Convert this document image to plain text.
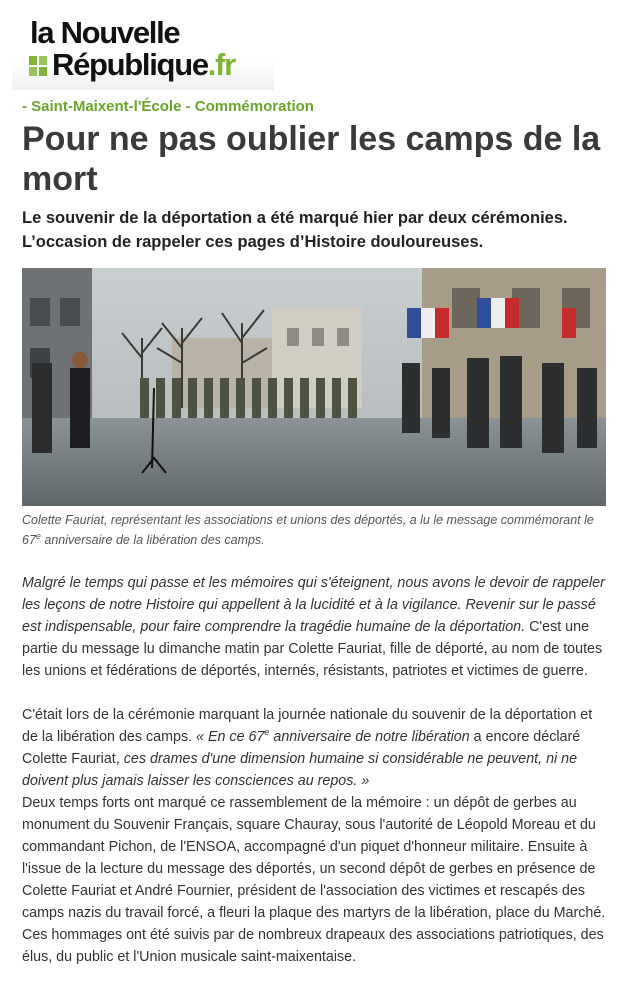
la Nouvelle
République.fr
- Saint-Maixent-l'École - Commémoration
Pour ne pas oublier les camps de la mort
Le souvenir de la déportation a été marqué hier par deux cérémonies. L’occasion de rappeler ces pages d’Histoire douloureuses.
Colette Fauriat, représentant les associations et unions des déportés, a lu le message commémorant le 67e anniversaire de la libération des camps.

Malgré le temps qui passe et les mémoires qui s'éteignent, nous avons le devoir de rappeler les leçons de notre Histoire qui appellent à la lucidité et à la vigilance. Revenir sur le passé est indispensable, pour faire comprendre la tragédie humaine de la déportation. C'est une partie du message lu dimanche matin par Colette Fauriat, fille de déporté, au nom de toutes les unions et fédérations de déportés, internés, résistants, patriotes et victimes de guerre.

C'était lors de la cérémonie marquant la journée nationale du souvenir de la déportation et de la libération des camps. « En ce 67e anniversaire de notre libération a encore déclaré Colette Fauriat, ces drames d'une dimension humaine si considérable ne peuvent, ni ne doivent plus jamais laisser les consciences au repos. »

Deux temps forts ont marqué ce rassemblement de la mémoire : un dépôt de gerbes au monument du Souvenir Français, square Chauray, sous l'autorité de Léopold Moreau et du commandant Pichon, de l'ENSOA, accompagné d'un piquet d'honneur militaire. Ensuite à l'issue de la lecture du message des déportés, un second dépôt de gerbes en présence de Colette Fauriat et André Fournier, président de l'association des victimes et rescapés des camps nazis du travail forcé, a fleuri la plaque des martyrs de la libération, place du Marché. Ces hommages ont été suivis par de nombreux drapeaux des associations patriotiques, des élus, du public et l'Union musicale saint-maixentaise.
